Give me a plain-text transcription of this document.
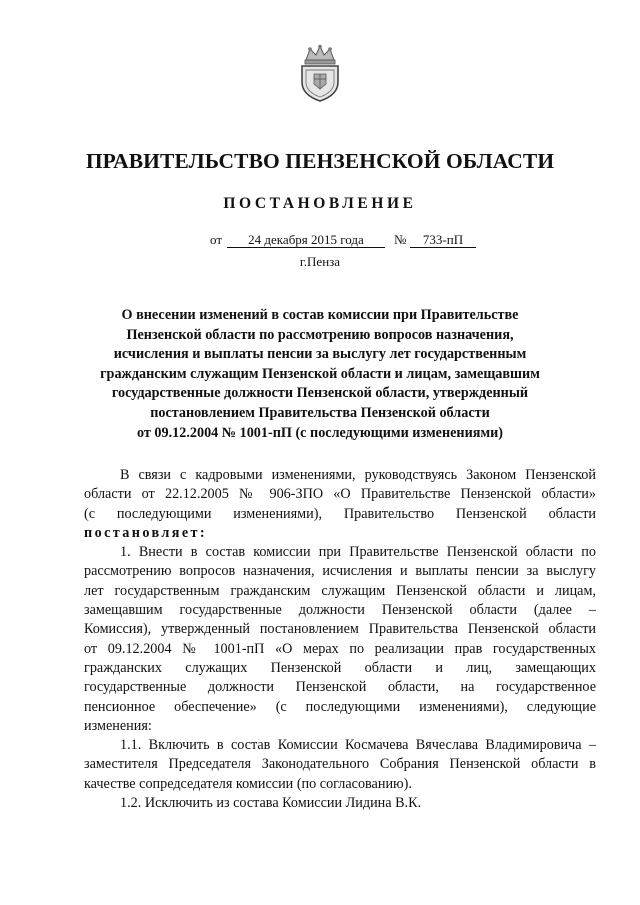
ПРАВИТЕЛЬСТВО ПЕНЗЕНСКОЙ ОБЛАСТИ
ПОСТАНОВЛЕНИЕ
от	24 декабря 2015 года	№	733-пП
г.Пенза
О внесении изменений в состав комиссии при Правительстве
Пензенской области по рассмотрению вопросов назначения,
исчисления и выплаты пенсии за выслугу лет государственным
гражданским служащим Пензенской области и лицам, замещавшим
государственные должности Пензенской области, утвержденный
постановлением Правительства Пензенской области
от 09.12.2004 № 1001-пП (с последующими изменениями)
В связи с кадровыми изменениями, руководствуясь Законом Пензенской
области от 22.12.2005 № 906-ЗПО «О Правительстве Пензенской области»
(с последующими изменениями), Правительство Пензенской области
постановляет:
1. Внести в состав комиссии при Правительстве Пензенской области по
рассмотрению вопросов назначения, исчисления и выплаты пенсии за выслугу
лет государственным гражданским служащим Пензенской области и лицам,
замещавшим государственные должности Пензенской области (далее –
Комиссия), утвержденный постановлением Правительства Пензенской области
от 09.12.2004 № 1001-пП «О мерах по реализации прав государственных
гражданских служащих Пензенской области и лиц, замещающих
государственные должности Пензенской области, на государственное
пенсионное обеспечение» (с последующими изменениями), следующие
изменения:
1.1. Включить в состав Комиссии Космачева Вячеслава Владимировича –
заместителя Председателя Законодательного Собрания Пензенской области в
качестве сопредседателя комиссии (по согласованию).
1.2. Исключить из состава Комиссии Лидина В.К.
